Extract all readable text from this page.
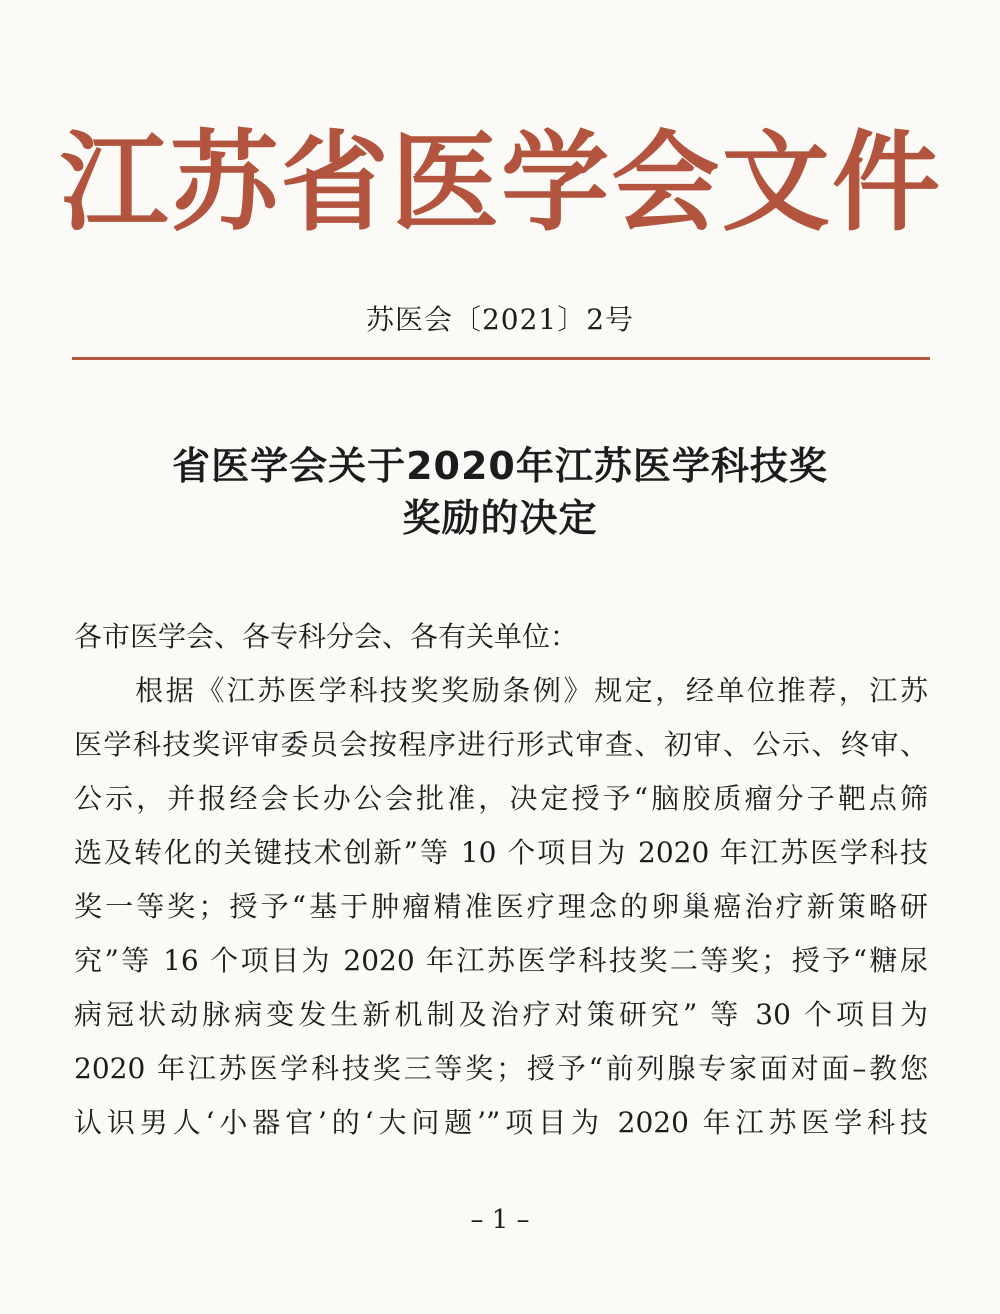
江 苏 省 医 学 会 文 件
苏医会〔2021〕2号
省医学会关于2020年江苏医学科技奖
奖励的决定
各市医学会、各专科分会、各有关单位：
　　根据《江苏医学科技奖奖励条例》规定，经单位推荐，江苏
医学科技奖评审委员会按程序进行形式审查、初审、公示、终审、
公示，并报经会长办公会批准，决定授予“脑胶质瘤分子靶点筛
选及转化的关键技术创新”等 10 个项目为 2020 年江苏医学科技
奖一等奖；授予“基于肿瘤精准医疗理念的卵巢癌治疗新策略研
究”等 16 个项目为 2020 年江苏医学科技奖二等奖；授予“糖尿
病冠状动脉病变发生新机制及治疗对策研究” 等 30 个项目为
2020 年江苏医学科技奖三等奖；授予“前列腺专家面对面–教您
认识男人‘小器官’的‘大问题’”项目为 2020 年江苏医学科技
– 1 –
